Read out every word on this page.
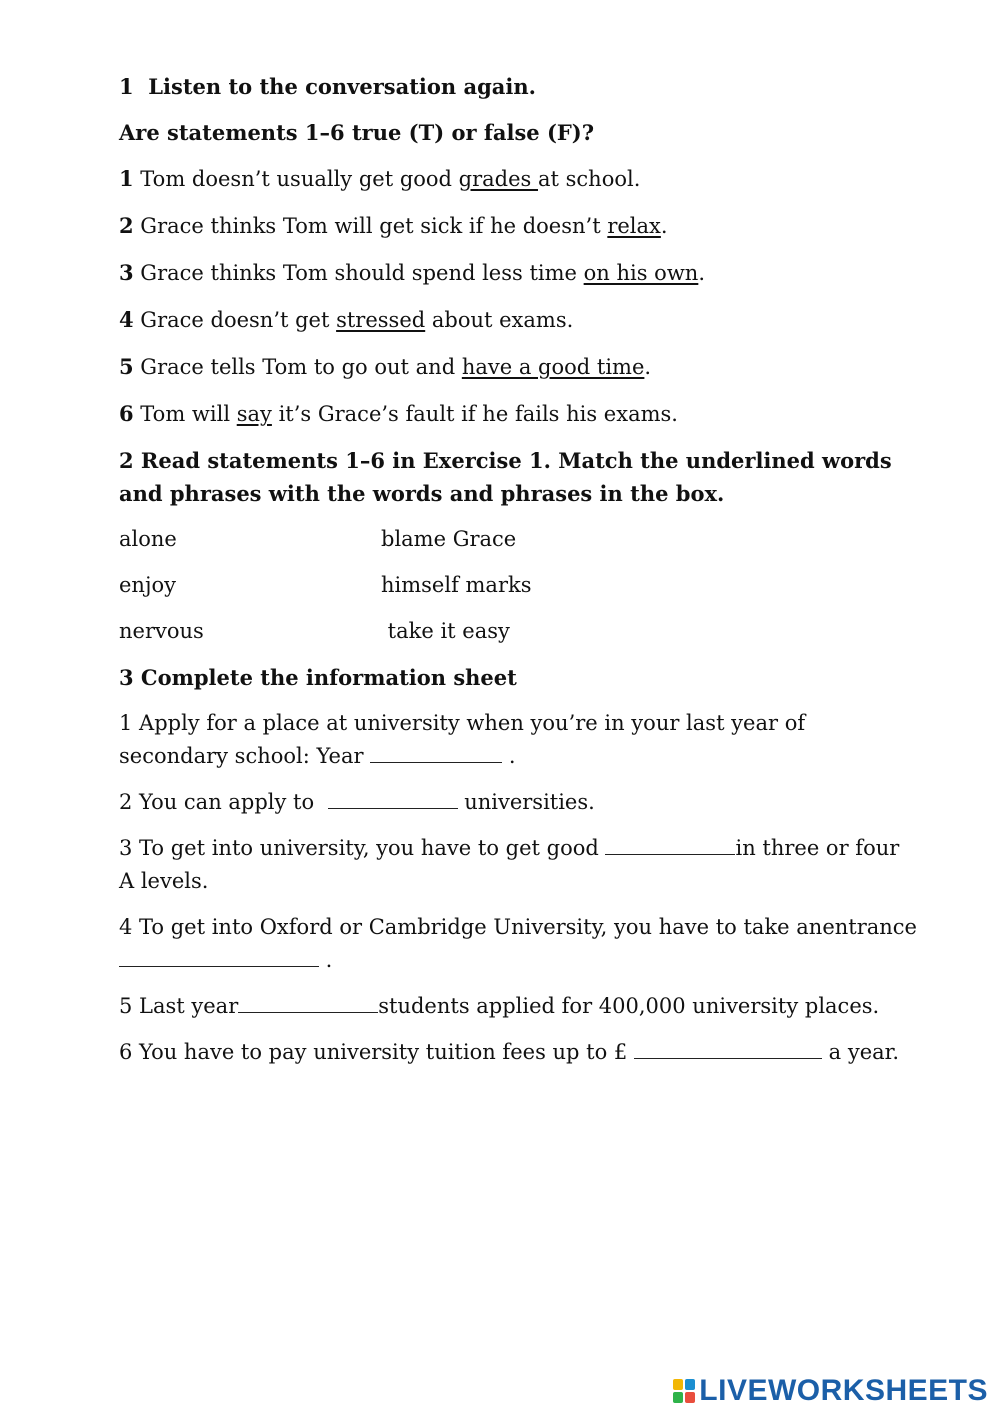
1 Listen to the conversation again.
Are statements 1–6 true (T) or false (F)?
1 Tom doesn’t usually get good grades at school.
2 Grace thinks Tom will get sick if he doesn’t relax.
3 Grace thinks Tom should spend less time on his own.
4 Grace doesn’t get stressed about exams.
5 Grace tells Tom to go out and have a good time.
6 Tom will say it’s Grace’s fault if he fails his exams.
2 Read statements 1–6 in Exercise 1. Match the underlined words and phrases with the words and phrases in the box.
alone	blame Grace
enjoy	himself marks
nervous	take it easy
3 Complete the information sheet
1 Apply for a place at university when you’re in your last year of secondary school: Year	.
2 You can apply to	universities.
3 To get into university, you have to get good	in three or four A levels.
4 To get into Oxford or Cambridge University, you have to take anentrance  .
5 Last year	students applied for 400,000 university places.
6 You have to pay university tuition fees up to £	a year.
LIVEWORKSHEETS
